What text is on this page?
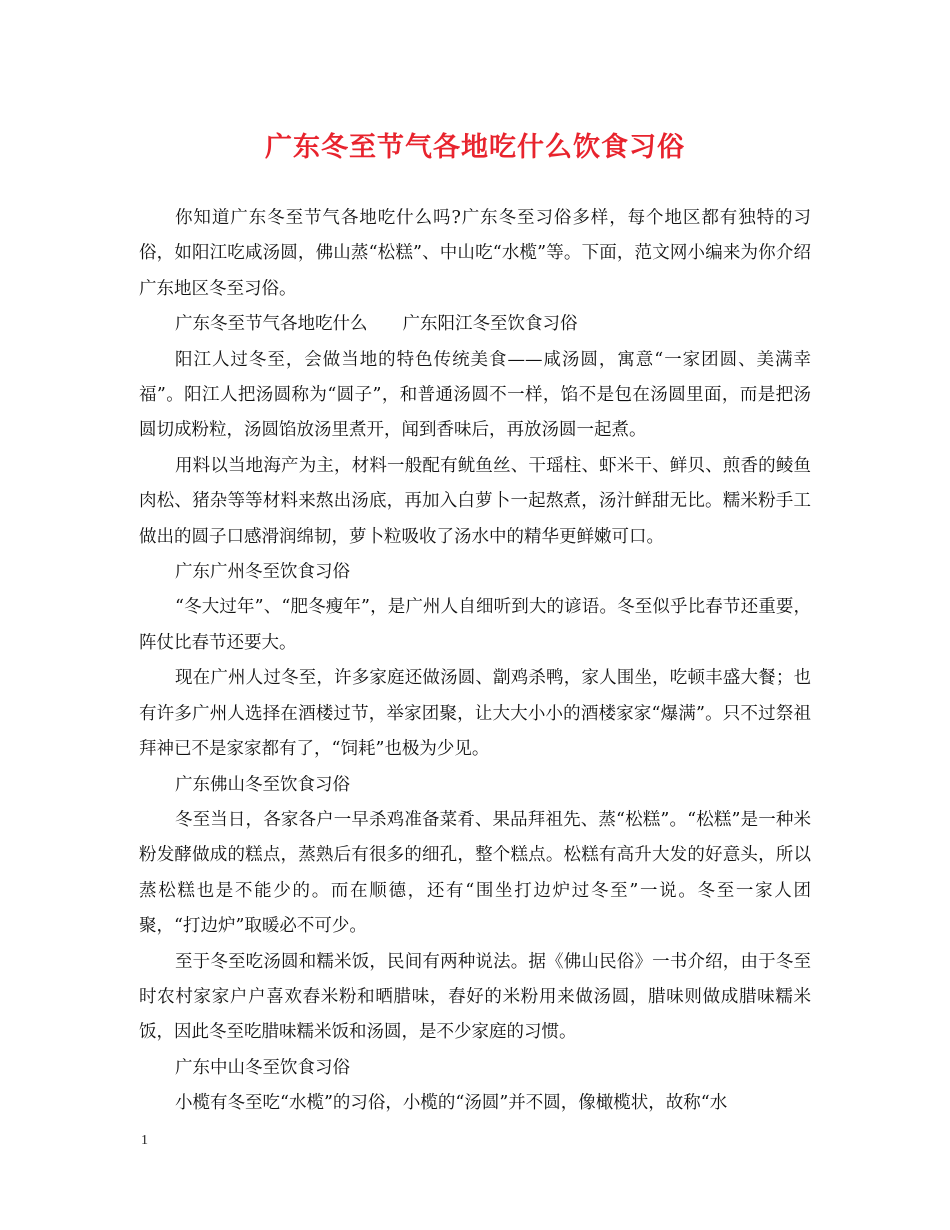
广东冬至节气各地吃什么饮食习俗

你知道广东冬至节气各地吃什么吗?广东冬至习俗多样，每个地区都有独特的习俗，如阳江吃咸汤圆，佛山蒸“松糕”、中山吃“水榄”等。下面，范文网小编来为你介绍广东地区冬至习俗。

广东冬至节气各地吃什么　　广东阳江冬至饮食习俗

阳江人过冬至，会做当地的特色传统美食——咸汤圆，寓意“一家团圆、美满幸福”。阳江人把汤圆称为“圆子”，和普通汤圆不一样，馅不是包在汤圆里面，而是把汤圆切成粉粒，汤圆馅放汤里煮开，闻到香味后，再放汤圆一起煮。

用料以当地海产为主，材料一般配有鱿鱼丝、干瑶柱、虾米干、鲜贝、煎香的鲮鱼肉松、猪杂等等材料来熬出汤底，再加入白萝卜一起熬煮，汤汁鲜甜无比。糯米粉手工做出的圆子口感滑润绵韧，萝卜粒吸收了汤水中的精华更鲜嫩可口。

广东广州冬至饮食习俗

“冬大过年”、“肥冬瘦年”，是广州人自细听到大的谚语。冬至似乎比春节还重要，阵仗比春节还要大。

现在广州人过冬至，许多家庭还做汤圆、劏鸡杀鸭，家人围坐，吃顿丰盛大餐；也有许多广州人选择在酒楼过节，举家团聚，让大大小小的酒楼家家“爆满”。只不过祭祖拜神已不是家家都有了，“饲耗”也极为少见。

广东佛山冬至饮食习俗

冬至当日，各家各户一早杀鸡准备菜肴、果品拜祖先、蒸“松糕”。“松糕”是一种米粉发酵做成的糕点，蒸熟后有很多的细孔，整个糕点。松糕有高升大发的好意头，所以蒸松糕也是不能少的。而在顺德，还有“围坐打边炉过冬至”一说。冬至一家人团聚，“打边炉”取暖必不可少。

至于冬至吃汤圆和糯米饭，民间有两种说法。据《佛山民俗》一书介绍，由于冬至时农村家家户户喜欢舂米粉和晒腊味，舂好的米粉用来做汤圆，腊味则做成腊味糯米饭，因此冬至吃腊味糯米饭和汤圆，是不少家庭的习惯。

广东中山冬至饮食习俗

小榄有冬至吃“水榄”的习俗，小榄的“汤圆”并不圆，像橄榄状，故称“水

1
